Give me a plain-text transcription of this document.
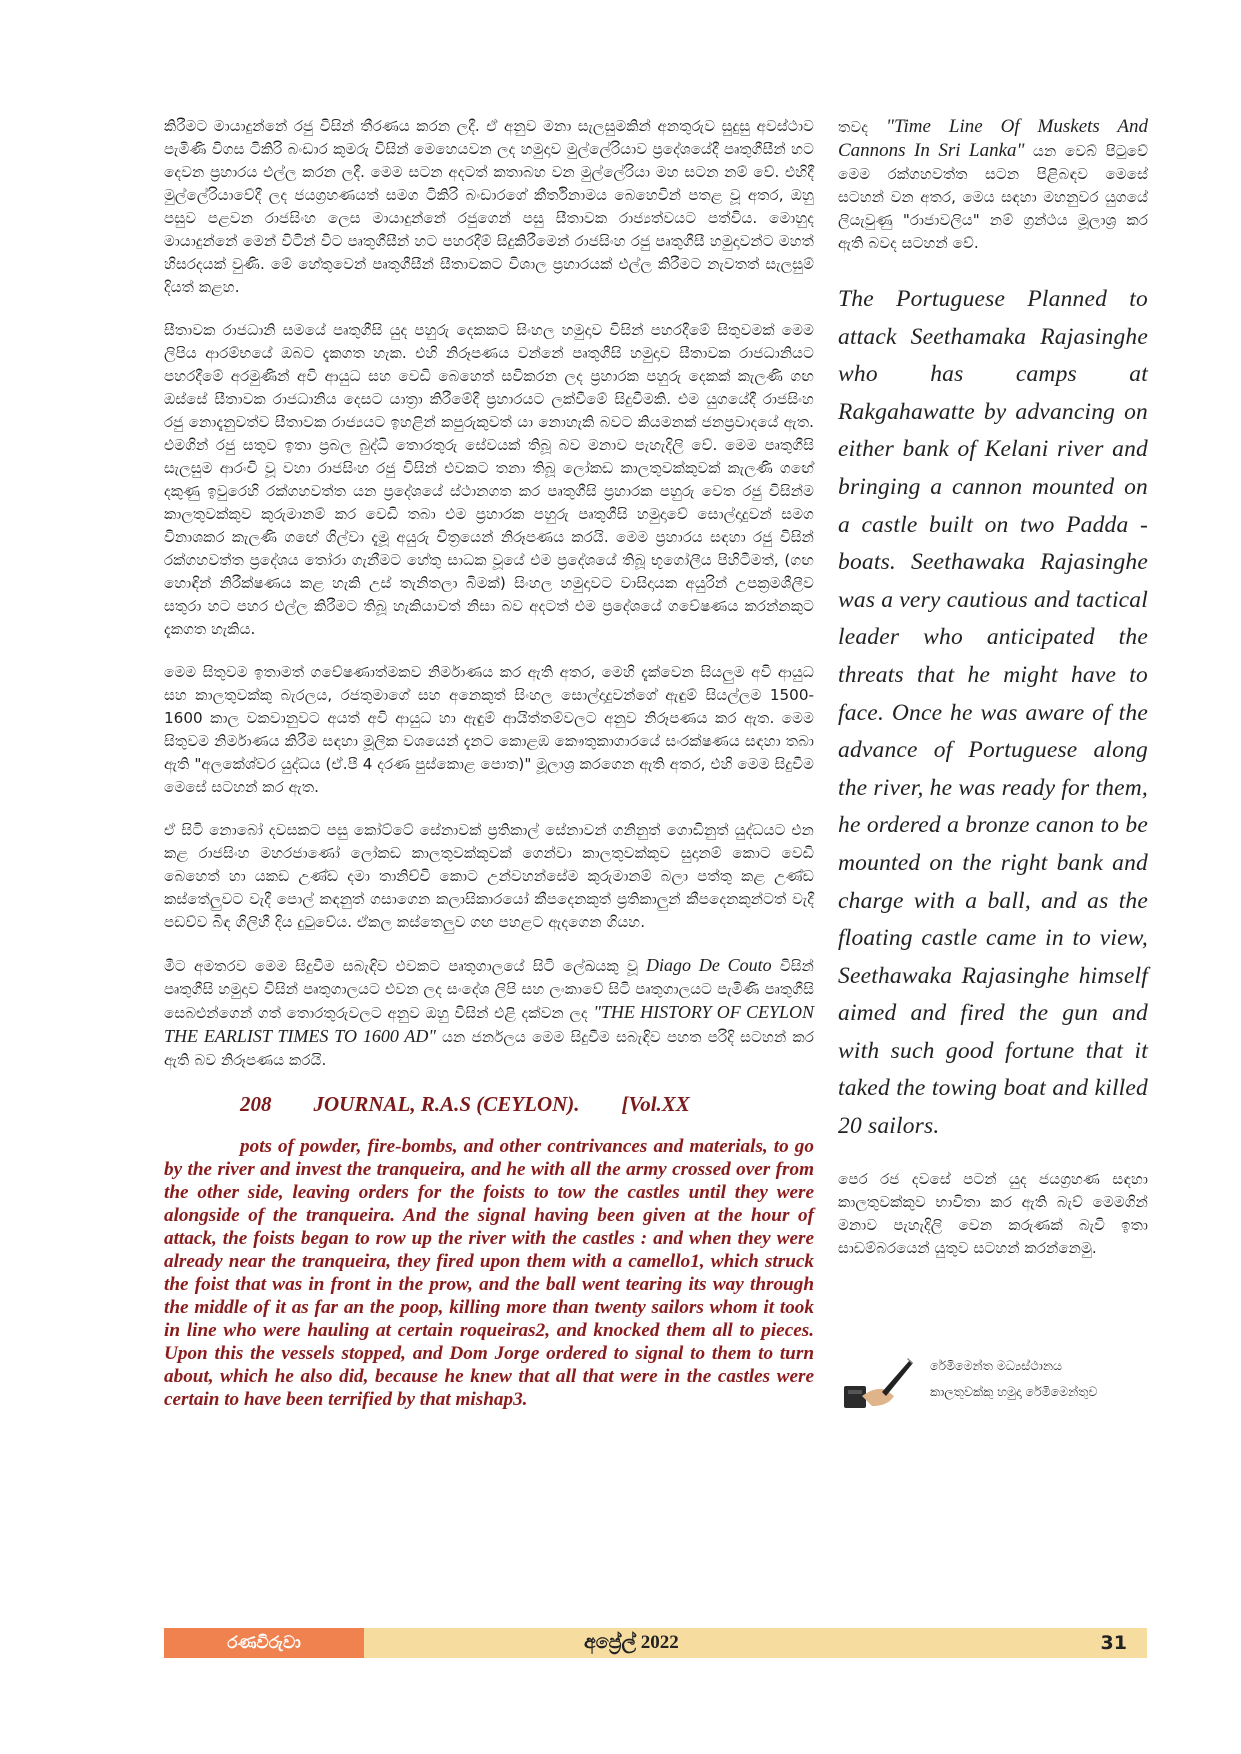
කිරීමට මායාදුන්නේ රජු විසින් තීරණය කරන ලදී. ඒ අනුව මනා සැලසුමකින් අනතුරුව සුදුසු අවස්ථාව පැමිණි විගස ටිකිරි බංඩාර කුමරු විසින් මෙහෙයවන ලද හමුදාව මුල්ලේරියාව ප්‍රදේශයේදී පෘතුගීසීන් හට දෙවන ප්‍රහාරය එල්ල කරන ලදී. මෙම සටන අදටත් කතාබහ වන මුල්ලේරියා මහ සටන නම් වේ. එහිදී මුල්ලේරියාවේදී ලද ජයග්‍රහණයත් සමග ටිකිරි බංඩාරගේ කීර්තිනාමය බෙහෙවින් පතළ වූ අතර, ඔහු පසුව පළවන රාජසිංහ ලෙස මායාදුන්නේ රජුගෙන් පසු සීතාවක රාජ්‍යත්වයට පත්විය. මොහුද මායාදුන්නේ මෙන් විටින් විට පෘතුගීසීන් හට පහරදීම් සිදුකිරීමෙන් රාජසිංහ රජු පෘතුගීසී හමුදාවන්ට මහත් හිසරදයක් වුණි. මේ හේතුවෙන් පෘතුගීසීන් සීතාවකට විශාල ප්‍රහාරයක් එල්ල කිරීමට නැවතත් සැලසුම් දියත් කළහ.

සීතාවක රාජධානි සමයේ පෘතුගීසි යුද පහුරු දෙකකට සිංහල හමුදාව විසින් පහරදීමේ සිතුවමක් මෙම ලිපිය ආරම්භයේ ඔබට දැකගත හැක. එහි නිරූපණය වන්නේ පෘතුගීසි හමුදාව සීතාවක රාජධානියට පහරදීමේ අරමුණින් අවි ආයුධ සහ වෙඩි බෙහෙත් සවිකරන ලද ප්‍රහාරක පහුරු දෙකක් කැලණි ගඟ ඔස්සේ සීතාවක රාජධානිය දෙසට යාත්‍රා කිරීමේදී ප්‍රහාරයට ලක්වීමේ සිදුවීමකි. එම යුගයේදී රාජසිංහ රජු නොදැනුවත්ව සීතාවක රාජ්‍යයට ඉහළින් කපුරුකුවත් යා නොහැකි බවට කියමනක් ජනප්‍රවාදයේ ඇත. එමගින් රජු සතුව ඉතා ප්‍රබල බුද්ධි තොරතුරු සේවයක් තිබූ බව මනාව පැහැදිලි වේ. මෙම පෘතුගීසි සැලසුම ආරංචි වූ වහා රාජසිංහ රජු විසින් එවකට තනා තිබූ ලෝකඩ කාලතුවක්කුවක් කැලණි ගඟේ දකුණු ඉවුරෙහි රක්ගහවත්ත යන ප්‍රදේශයේ ස්ථානගත කර පෘතුගීසි ප්‍රහාරක පහුරු වෙත රජු විසින්ම කාලතුවක්කුව කුරුමානම් කර වෙඩි තබා එම ප්‍රහාරක පහුරු පෘතුගීසි හමුදාවේ සොල්දාදුවන් සමග විනාශකර කැලණි ගඟේ ගිල්වා දැමූ අයුරු චිත්‍රයෙන් නිරූපණය කරයි. මෙම ප්‍රහාරය සඳහා රජු විසින් රක්ගහවත්ත ප්‍රදේශය තෝරා ගැනීමට හේතු සාධක වූයේ එම ප්‍රදේශයේ තිබූ භූගෝලීය පිහිටීමත්, (ගඟ හොඳින් නිරීක්ෂණය කළ හැකි උස් තැනිතලා බිමක්) සිංහල හමුදාවට වාසිදායක අයුරින් උපක්‍රමශීලීව සතුරා හට පහර එල්ල කිරීමට තිබූ හැකියාවත් නිසා බව අදටත් එම ප්‍රදේශයේ ගවේෂණය කරන්නකුට දැකගත හැකිය.

මෙම සිතුවම ඉතාමත් ගවේෂණාත්මකව නිර්මාණය කර ඇති අතර, මෙහි දැක්වෙන සියලුම අවි ආයුධ සහ කාලතුවක්කු බැරලය, රජතුමාගේ සහ අනෙකුත් සිංහල සොල්දාදුවන්ගේ ඇඳුම් සියල්ලම 1500-1600 කාල වකවානුවට අයත් අවි ආයුධ හා ඇඳුම් ආයිත්තම්වලට අනුව නිරූපණය කර ඇත. මෙම සිතුවම නිර්මාණය කිරීම සඳහා මූලික වශයෙන් දැනට කොළඹ කෞතුකාගාරයේ සංරක්ෂණය සඳහා තබා ඇති "අලකේශ්වර යුද්ධය (ඒ.පී 4 දරණ පුස්කොළ පොත)" මූලාශ්‍ර කරගෙන ඇති අතර, එහි මෙම සිදුවීම මෙසේ සටහන් කර ඇත.

ඒ සිටි නොබෝ දවසකට පසු කෝට්ටේ සේනාවක් ප්‍රතිකාල් සේනාවන් ගනිනුත් ගොඩිනුත් යුද්ධයට එන කළ රාජසිංහ මහරජාණෝ ලෝකඩ කාලතුවක්කුවක් ගෙන්වා කාලතුවක්කුව සුදානම් කොට වෙඩි බෙහෙත් හා යකඩ උණ්ඩ දමා තානිච්චි කොට උන්වහන්සේම කුරුමානම් බලා පත්තු කළ උණ්ඩ කස්තේලුවට වැදී පොල් කඳනුත් ගසාගෙන කලාසිකාරයෝ කීපදෙනකුත් ප්‍රතිකාලුන් කීපදෙනකුන්ටත් වැදී පඩව්ව බිඳ ගිලිහී දිය දුටුවේය. ඒකල කස්තෙලුව ගඟ පහළට ඇදගෙන ගියහ.

මීට අමතරව මෙම සිදුවීම සබැඳිව එවකට පෘතුගාලයේ සිටි ලේඛයකු වූ Diago De Couto විසින් පෘතුගීසි හමුදාව විසින් පෘතුගාලයට එවන ලද සංදේශ ලිපි සහ ලංකාවේ සිටි පෘතුගාලයට පැමිණි පෘතුගීසි සෙබළුන්ගෙන් ගත් තොරතුරුවලට අනුව ඔහු විසින් එළි දක්වන ලද "THE HISTORY OF CEYLON THE EARLIST TIMES TO 1600 AD" යන ජර්නලය මෙම සිදුවීම සබැඳිව පහත පරිදි සටහන් කර ඇති බව නිරූපණය කරයි.

208        JOURNAL, R.A.S (CEYLON).        [Vol.XX

pots of powder, fire-bombs, and other contrivances and materials, to go by the river and invest the tranqueira, and he with all the army crossed over from the other side, leaving orders for the foists to tow the castles until they were alongside of the tranqueira. And the signal having been given at the hour of attack, the foists began to row up the river with the castles : and when they were already near the tranqueira, they fired upon them with a camello1, which struck the foist that was in front in the prow, and the ball went tearing its way through the middle of it as far an the poop, killing more than twenty sailors whom it took in line who were hauling at certain roqueiras2, and knocked them all to pieces. Upon this the vessels stopped, and Dom Jorge ordered to signal to them to turn about, which he also did, because he knew that all that were in the castles were certain to have been terrified by that mishap3.

තවද "Time Line Of Muskets And Cannons In Sri Lanka" යන වෙබ් පිටුවේ මෙම රක්ගහවත්ත සටන පිළිබඳව මෙසේ සටහන් වන අතර, මෙය සඳහා මහනුවර යුගයේ ලියැවුණු "රාජාවලිය" නම් ග්‍රන්ථය මූලාශ්‍ර කර ඇති බවද සටහන් වේ.

The Portuguese Planned to attack Seethamaka Rajasinghe who has camps at Rakgahawatte by advancing on either bank of Kelani river and bringing a cannon mounted on a castle built on two Padda - boats. Seethawaka Rajasinghe was a very cautious and tactical leader who anticipated the threats that he might have to face. Once he was aware of the advance of Portuguese along the river, he was ready for them, he ordered a bronze canon to be mounted on the right bank and charge with a ball, and as the floating castle came in to view, Seethawaka Rajasinghe himself aimed and fired the gun and with such good fortune that it taked the towing boat and killed 20 sailors.

පෙර රජ දවසේ පටන් යුද ජයග්‍රහණ සඳහා කාලතුවක්කුව භාවිතා කර ඇති බැව් මෙමගින් මනාව පැහැදිලි වෙන කරුණක් බැවි ඉතා සාඩම්බරයෙන් යුතුව සටහන් කරන්නෙමු.

රේමිමෙන්ත මධ්‍යස්ථානය
කාලතුවක්කු හමුදා රේමිමෙන්තුව
රණවිරුවා	අප්‍රේල් 2022	31
